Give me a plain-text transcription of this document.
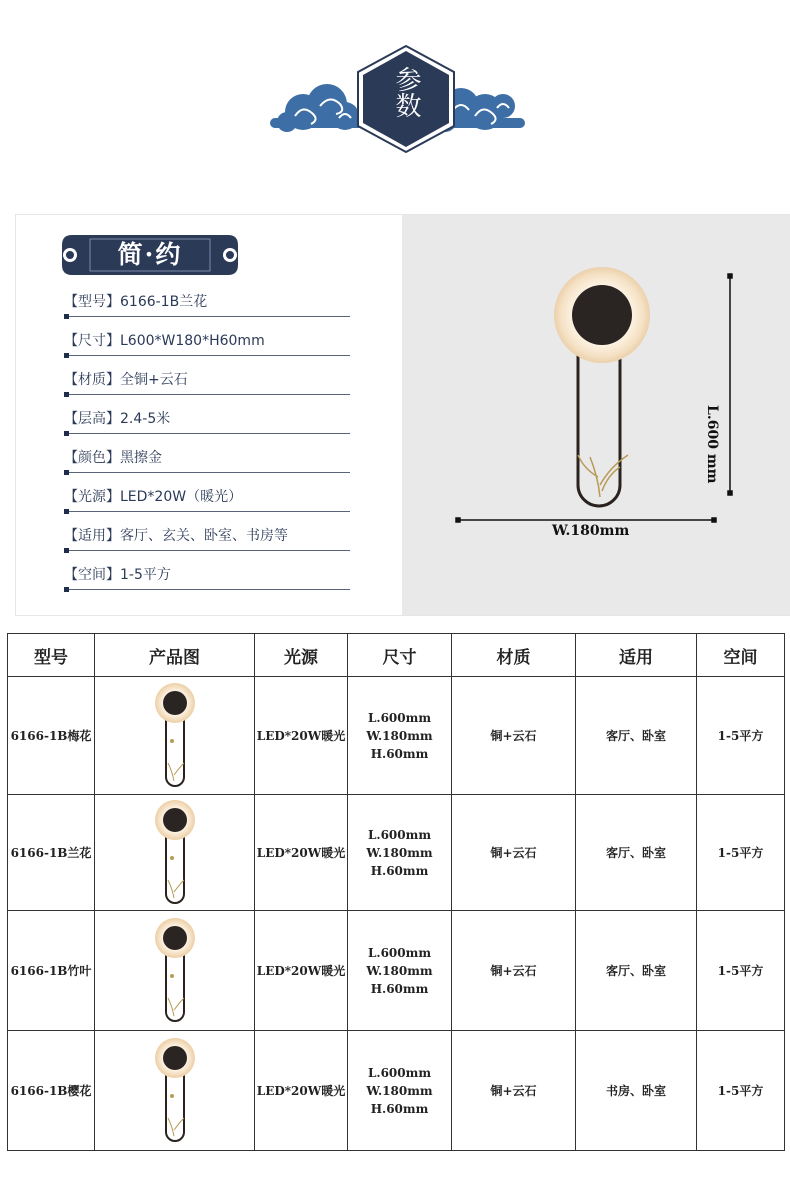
参数
简·约
【型号】6166-1B兰花
【尺寸】L600*W180*H60mm
【材质】全铜+云石
【层高】2.4-5米
【颜色】黑擦金
【光源】LED*20W（暖光）
【适用】客厅、玄关、卧室、书房等
【空间】1-5平方
W.180mm
L.600 mm
型号	产品图	光源	尺寸	材质	适用	空间
6166-1B梅花		LED*20W暖光	L.600mm
W.180mm
H.60mm	铜+云石	客厅、卧室	1-5平方
6166-1B兰花		LED*20W暖光	L.600mm
W.180mm
H.60mm	铜+云石	客厅、卧室	1-5平方
6166-1B竹叶		LED*20W暖光	L.600mm
W.180mm
H.60mm	铜+云石	客厅、卧室	1-5平方
6166-1B樱花		LED*20W暖光	L.600mm
W.180mm
H.60mm	铜+云石	书房、卧室	1-5平方
